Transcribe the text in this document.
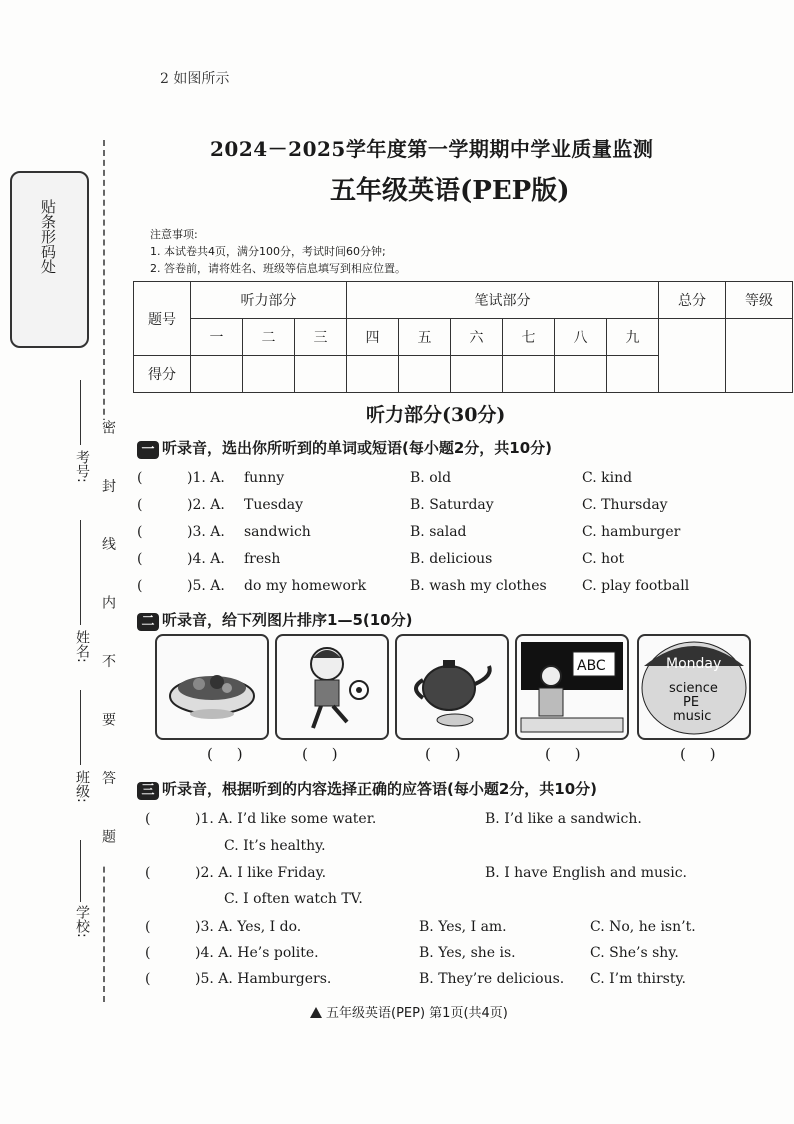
2 如图所示
贴条形码处
密 封 线 内 不 要 答 题
学校:
班级:
姓名:
考号:
2024－2025学年度第一学期期中学业质量监测
五年级英语(PEP版)
注意事项:
1. 本试卷共4页，满分100分，考试时间60分钟;
2. 答卷前，请将姓名、班级等信息填写到相应位置。
题号	听力部分			笔试部分						总分	等级
	一	二	三	四	五	六	七	八	九		
得分											
听力部分(30分)
一 听录音，选出你所听到的单词或短语(每小题2分，共10分)
(	)1. A. funny	B. old	C. kind
(	)2. A. Tuesday	B. Saturday	C. Thursday
(	)3. A. sandwich	B. salad	C. hamburger
(	)4. A. fresh	B. delicious	C. hot
(	)5. A. do my homework	B. wash my clothes	C. play football
二 听录音，给下列图片排序1—5(10分)
ABC	Monday
science
PE
music
(     )	(     )	(     )	(     )	(     )
三 听录音，根据听到的内容选择正确的应答语(每小题2分，共10分)
(	)1. A. I’d like some water.	B. I’d like a sandwich.
C. It’s healthy.
(	)2. A. I like Friday.	B. I have English and music.
C. I often watch TV.
(	)3. A. Yes, I do.	B. Yes, I am.	C. No, he isn’t.
(	)4. A. He’s polite.	B. Yes, she is.	C. She’s shy.
(	)5. A. Hamburgers.	B. They’re delicious. C. I’m thirsty.
五年级英语(PEP) 第1页(共4页)
